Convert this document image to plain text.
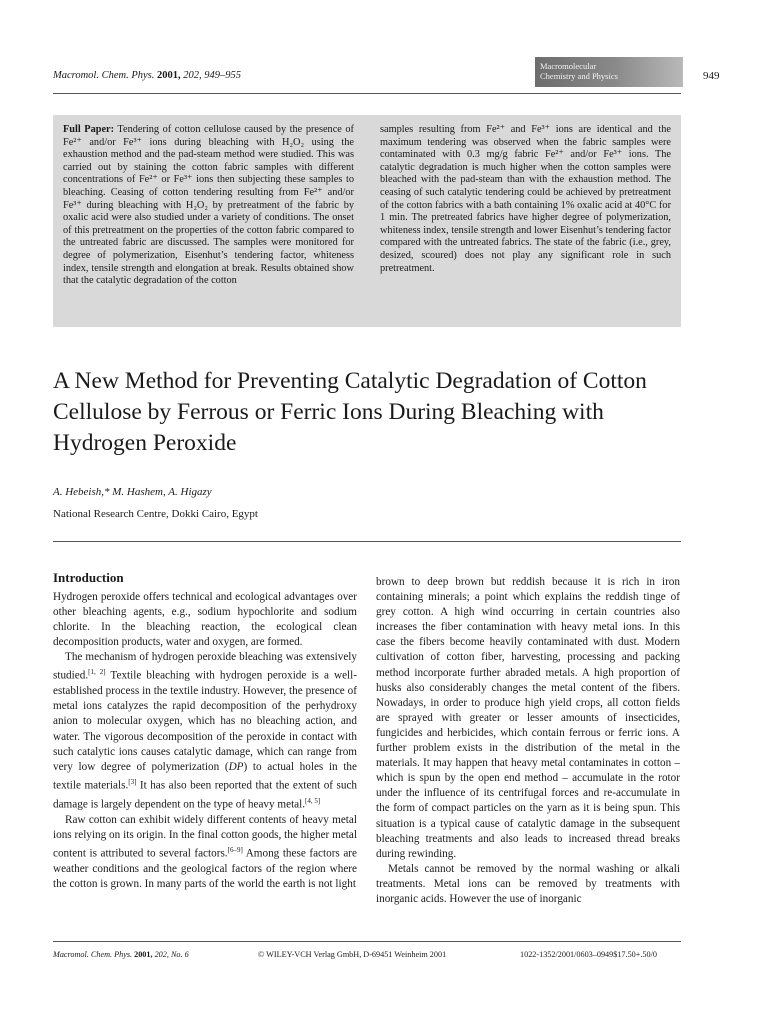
Macromol. Chem. Phys. 2001, 202, 949–955
Macromolecular
Chemistry and Physics	949
Full Paper: Tendering of cotton cellulose caused by the presence of Fe²⁺ and/or Fe³⁺ ions during bleaching with H₂O₂ using the exhaustion method and the pad-steam method were studied. This was carried out by staining the cotton fabric samples with different concentrations of Fe²⁺ or Fe³⁺ ions then subjecting these samples to bleaching. Ceasing of cotton tendering resulting from Fe²⁺ and/or Fe³⁺ during bleaching with H₂O₂ by pretreatment of the fabric by oxalic acid were also studied under a variety of conditions. The onset of this pretreatment on the properties of the cotton fabric compared to the untreated fabric are discussed. The samples were monitored for degree of polymerization, Eisenhut’s tendering factor, whiteness index, tensile strength and elongation at break. Results obtained show that the catalytic degradation of the cotton
samples resulting from Fe²⁺ and Fe³⁺ ions are identical and the maximum tendering was observed when the fabric samples were contaminated with 0.3 mg/g fabric Fe²⁺ and/or Fe³⁺ ions. The catalytic degradation is much higher when the cotton samples were bleached with the pad-steam than with the exhaustion method. The ceasing of such catalytic tendering could be achieved by pretreatment of the cotton fabrics with a bath containing 1% oxalic acid at 40°C for 1 min. The pretreated fabrics have higher degree of polymerization, whiteness index, tensile strength and lower Eisenhut’s tendering factor compared with the untreated fabrics. The state of the fabric (i.e., grey, desized, scoured) does not play any significant role in such pretreatment.
A New Method for Preventing Catalytic Degradation of Cotton Cellulose by Ferrous or Ferric Ions During Bleaching with Hydrogen Peroxide
A. Hebeish,* M. Hashem, A. Higazy
National Research Centre, Dokki Cairo, Egypt
Introduction

Hydrogen peroxide offers technical and ecological advantages over other bleaching agents, e.g., sodium hypochlorite and sodium chlorite. In the bleaching reaction, the ecological clean decomposition products, water and oxygen, are formed.

The mechanism of hydrogen peroxide bleaching was extensively studied.[1, 2] Textile bleaching with hydrogen peroxide is a well-established process in the textile industry. However, the presence of metal ions catalyzes the rapid decomposition of the perhydroxy anion to molecular oxygen, which has no bleaching action, and water. The vigorous decomposition of the peroxide in contact with such catalytic ions causes catalytic damage, which can range from very low degree of polymerization (DP) to actual holes in the textile materials.[3] It has also been reported that the extent of such damage is largely dependent on the type of heavy metal.[4, 5]

Raw cotton can exhibit widely different contents of heavy metal ions relying on its origin. In the final cotton goods, the higher metal content is attributed to several factors.[6–9] Among these factors are weather conditions and the geological factors of the region where the cotton is grown. In many parts of the world the earth is not light

brown to deep brown but reddish because it is rich in iron containing minerals; a point which explains the reddish tinge of grey cotton. A high wind occurring in certain countries also increases the fiber contamination with heavy metal ions. In this case the fibers become heavily contaminated with dust. Modern cultivation of cotton fiber, harvesting, processing and packing method incorporate further abraded metals. A high proportion of husks also considerably changes the metal content of the fibers. Nowadays, in order to produce high yield crops, all cotton fields are sprayed with greater or lesser amounts of insecticides, fungicides and herbicides, which contain ferrous or ferric ions. A further problem exists in the distribution of the metal in the materials. It may happen that heavy metal contaminates in cotton – which is spun by the open end method – accumulate in the rotor under the influence of its centrifugal forces and re-accumulate in the form of compact particles on the yarn as it is being spun. This situation is a typical cause of catalytic damage in the subsequent bleaching treatments and also leads to increased thread breaks during rewinding.

Metals cannot be removed by the normal washing or alkali treatments. Metal ions can be removed by treatments with inorganic acids. However the use of inorganic

Macromol. Chem. Phys. 2001, 202, No. 6	© WILEY-VCH Verlag GmbH, D-69451 Weinheim 2001	1022-1352/2001/0603–0949$17.50+.50/0
